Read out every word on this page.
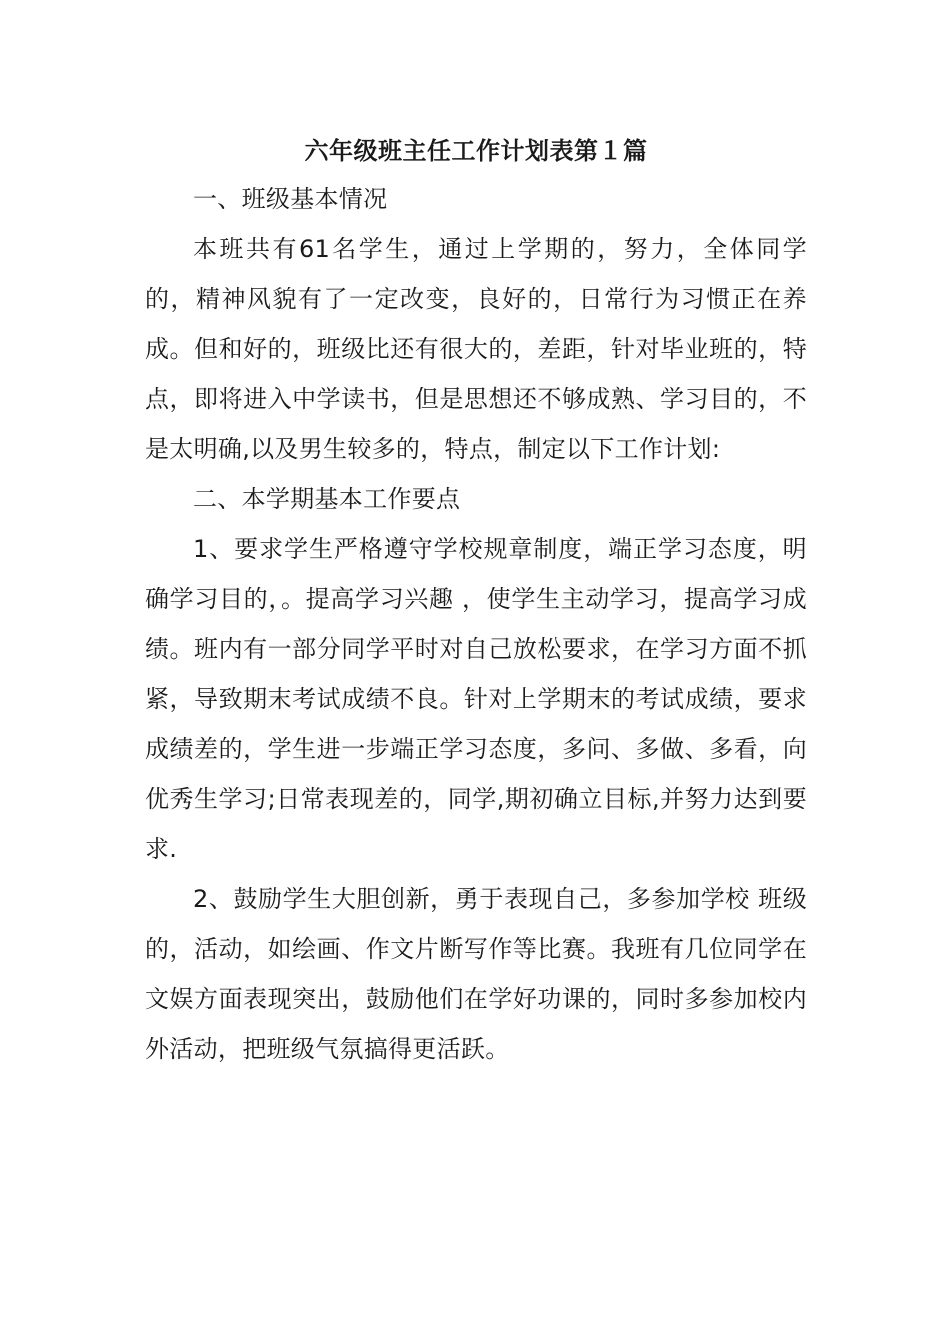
六年级班主任工作计划表第１篇

一、班级基本情况

本班共有61名学生，通过上学期的，努力，全体同学的，精神风貌有了一定改变，良好的，日常行为习惯正在养成。但和好的，班级比还有很大的，差距，针对毕业班的，特点，即将进入中学读书，但是思想还不够成熟、学习目的，不是太明确,以及男生较多的，特点，制定以下工作计划:

二、本学期基本工作要点

1、要求学生严格遵守学校规章制度，端正学习态度，明确学习目的，。提高学习兴趣 ，使学生主动学习，提高学习成绩。班内有一部分同学平时对自己放松要求，在学习方面不抓紧，导致期末考试成绩不良。针对上学期末的考试成绩，要求成绩差的，学生进一步端正学习态度，多问、多做、多看，向优秀生学习;日常表现差的，同学,期初确立目标,并努力达到要求.

2、鼓励学生大胆创新，勇于表现自己，多参加学校 班级的，活动，如绘画、作文片断写作等比赛。我班有几位同学在文娱方面表现突出，鼓励他们在学好功课的，同时多参加校内外活动，把班级气氛搞得更活跃。
